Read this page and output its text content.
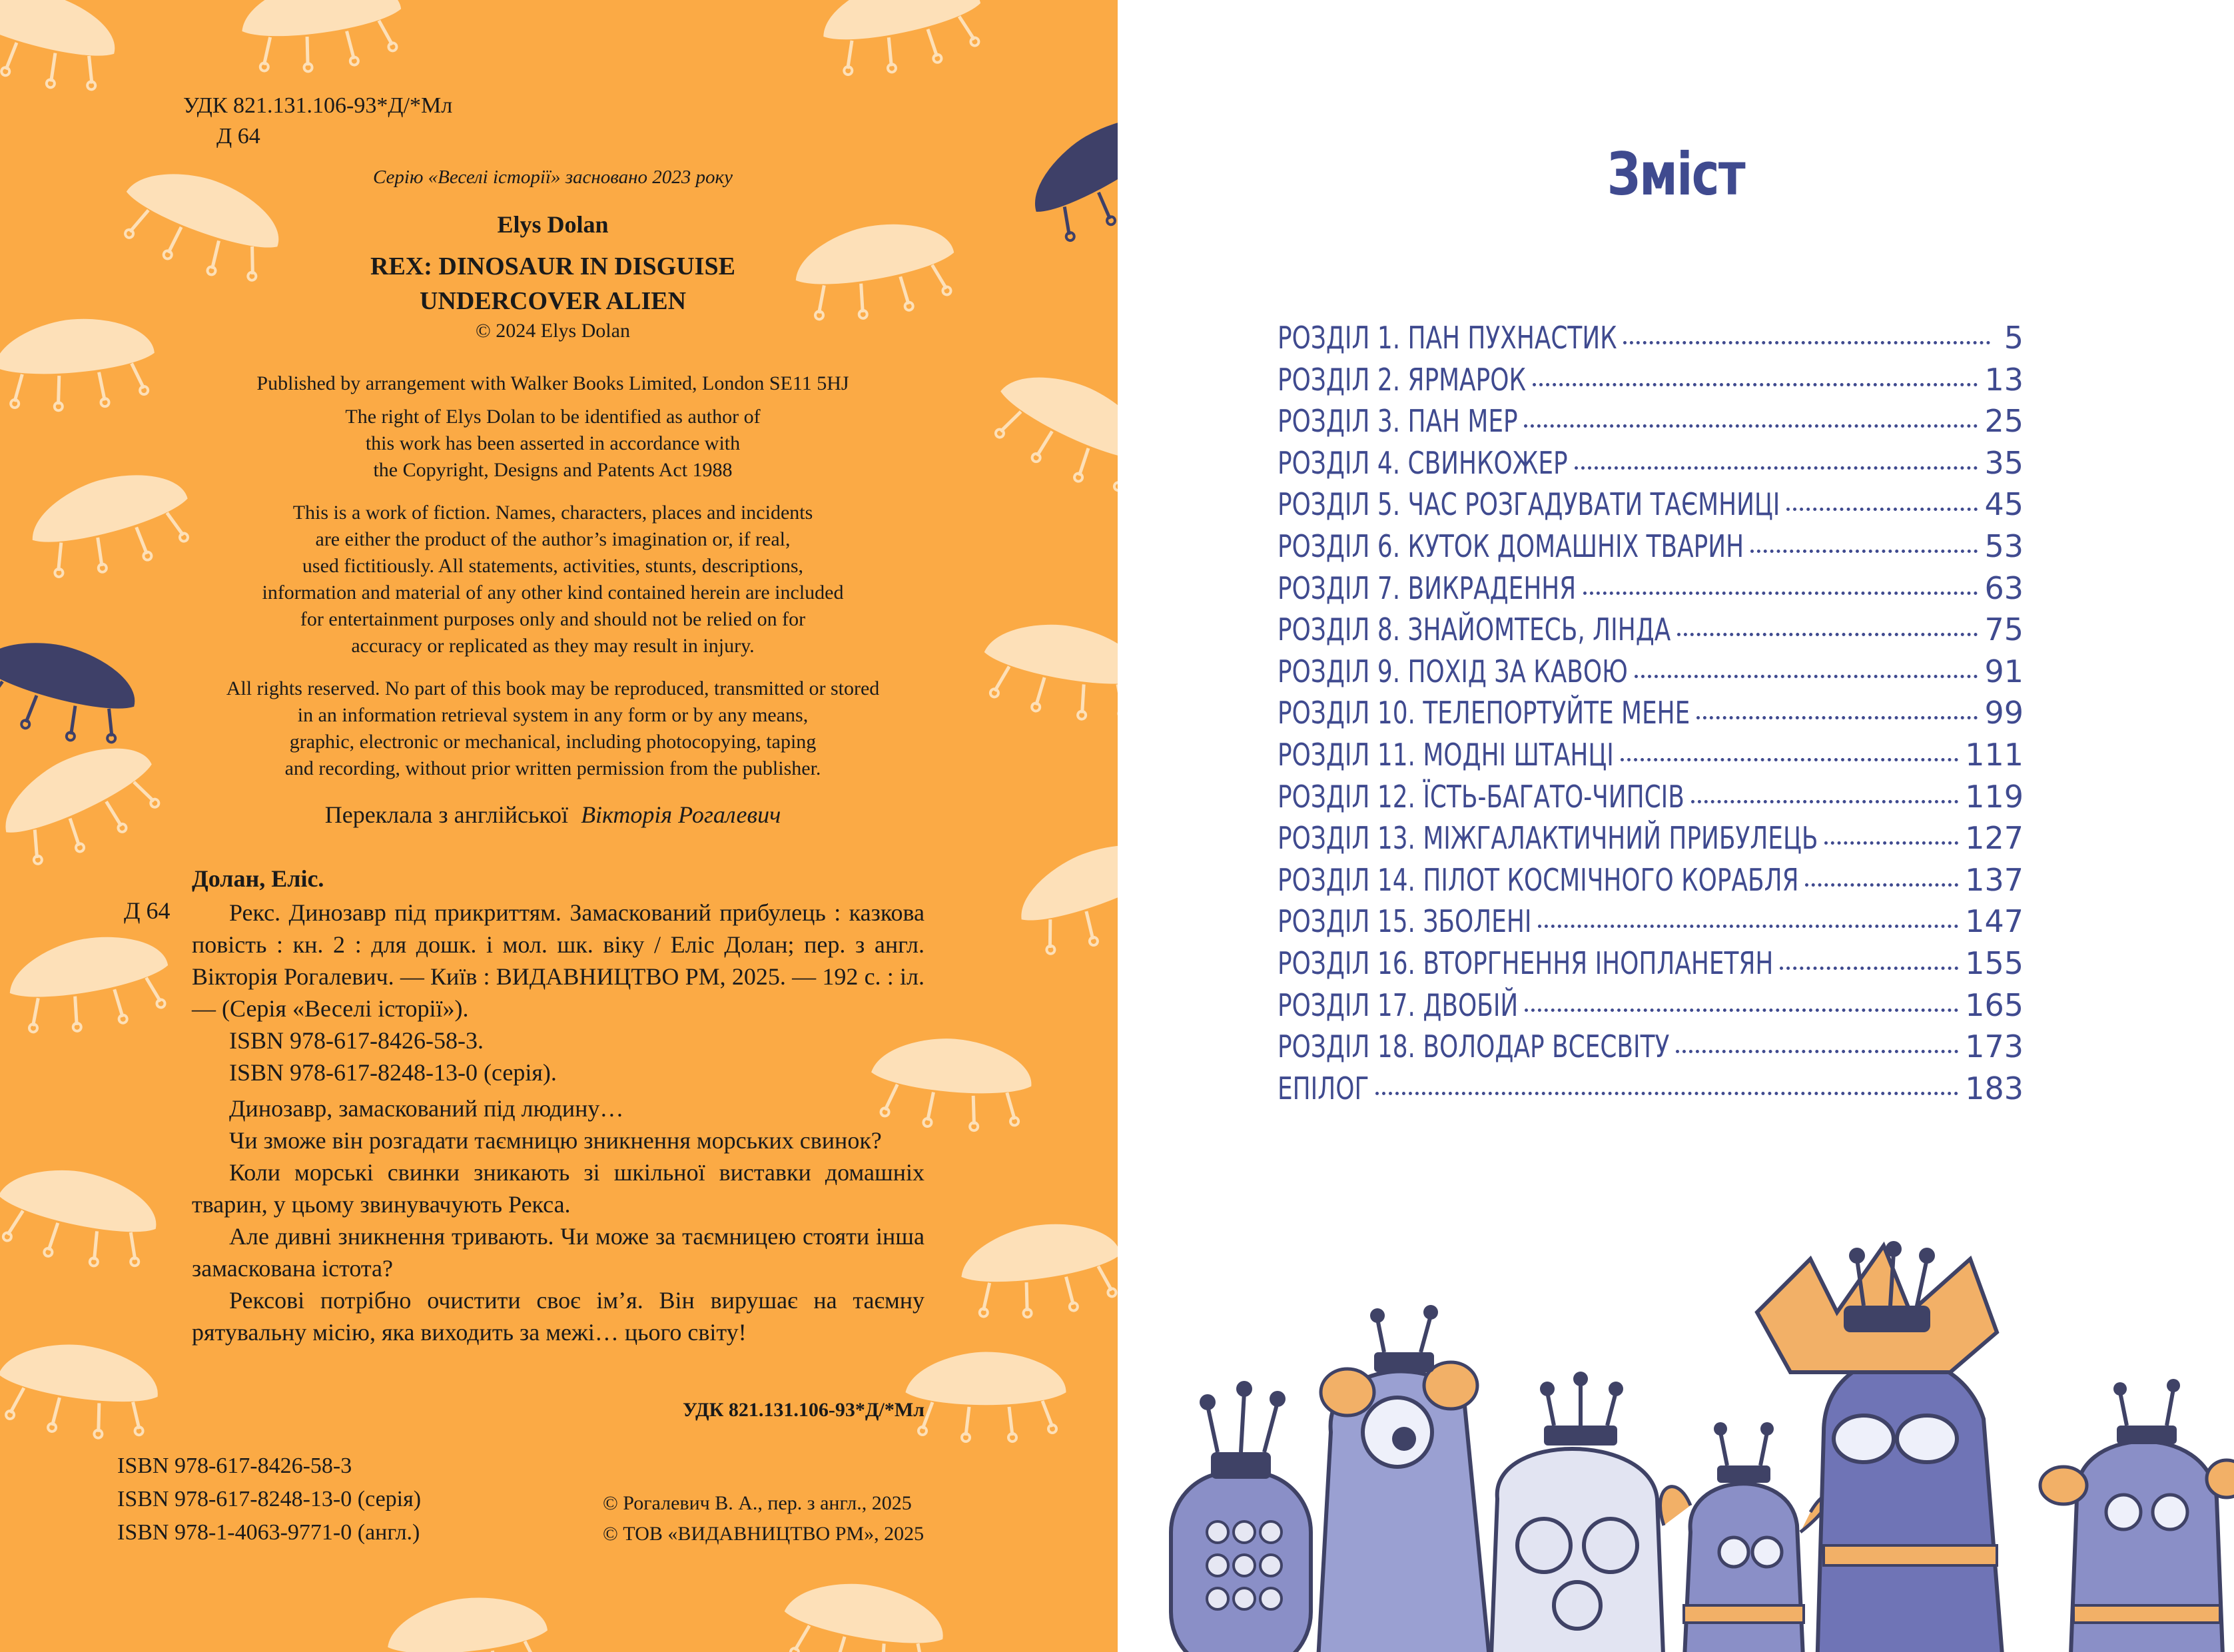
УДК 821.131.106-93*Д/*Мл
Д 64
Серію «Веселі історії» засновано 2023 року
Elys Dolan
REX: DINOSAUR IN DISGUISE
UNDERCOVER ALIEN
© 2024 Elys Dolan
Published by arrangement with Walker Books Limited, London SE11 5HJ
The right of Elys Dolan to be identified as author of
this work has been asserted in accordance with
the Copyright, Designs and Patents Act 1988
This is a work of fiction. Names, characters, places and incidents
are either the product of the author’s imagination or, if real,
used fictitiously. All statements, activities, stunts, descriptions,
information and material of any other kind contained herein are included
for entertainment purposes only and should not be relied on for
accuracy or replicated as they may result in injury.
All rights reserved. No part of this book may be reproduced, transmitted or stored
in an information retrieval system in any form or by any means,
graphic, electronic or mechanical, including photocopying, taping
and recording, without prior written permission from the publisher.
Переклала з англійської Вікторія Рогалевич
Долан, Еліс.
Д 64	Рекс. Динозавр під прикриттям. Замаскований прибулець : казкова повість : кн. 2 : для дошк. і мол. шк. віку / Еліс Долан; пер. з англ. Вікторія Рогалевич. — Київ : ВИДАВНИЦТВО РМ, 2025. — 192 с. : іл. — (Серія «Веселі історії»).

ISBN 978-617-8426-58-3.

ISBN 978-617-8248-13-0 (серія).

Динозавр, замаскований під людину…

Чи зможе він розгадати таємницю зникнення морських свинок?

Коли морські свинки зникають зі шкільної виставки домашніх тварин, у цьому звинувачують Рекса.

Але дивні зникнення тривають. Чи може за таємницею стояти інша замаскована істота?

Рексові потрібно очистити своє ім’я. Він вирушає на таємну рятувальну місію, яка виходить за межі… цього світу!

УДК 821.131.106-93*Д/*Мл
ISBN 978-617-8426-58-3
ISBN 978-617-8248-13-0 (серія)
ISBN 978-1-4063-9771-0 (англ.)
© Рогалевич В. А., пер. з англ., 2025
© ТОВ «ВИДАВНИЦТВО РМ», 2025
Зміст
РОЗДІЛ 1. ПАН ПУХНАСТИК	5
РОЗДІЛ 2. ЯРМАРОК	13
РОЗДІЛ 3. ПАН МЕР	25
РОЗДІЛ 4. СВИНКОЖЕР	35
РОЗДІЛ 5. ЧАС РОЗГАДУВАТИ ТАЄМНИЦІ	45
РОЗДІЛ 6. КУТОК ДОМАШНІХ ТВАРИН	53
РОЗДІЛ 7. ВИКРАДЕННЯ	63
РОЗДІЛ 8. ЗНАЙОМТЕСЬ, ЛІНДА	75
РОЗДІЛ 9. ПОХІД ЗА КАВОЮ	91
РОЗДІЛ 10. ТЕЛЕПОРТУЙТЕ МЕНЕ	99
РОЗДІЛ 11. МОДНІ ШТАНЦІ	111
РОЗДІЛ 12. ЇСТЬ-БАГАТО-ЧИПСІВ	119
РОЗДІЛ 13. МІЖГАЛАКТИЧНИЙ ПРИБУЛЕЦЬ	127
РОЗДІЛ 14. ПІЛОТ КОСМІЧНОГО КОРАБЛЯ	137
РОЗДІЛ 15. ЗБОЛЕНІ	147
РОЗДІЛ 16. ВТОРГНЕННЯ ІНОПЛАНЕТЯН	155
РОЗДІЛ 17. ДВОБІЙ	165
РОЗДІЛ 18. ВОЛОДАР ВСЕСВІТУ	173
ЕПІЛОГ	183
